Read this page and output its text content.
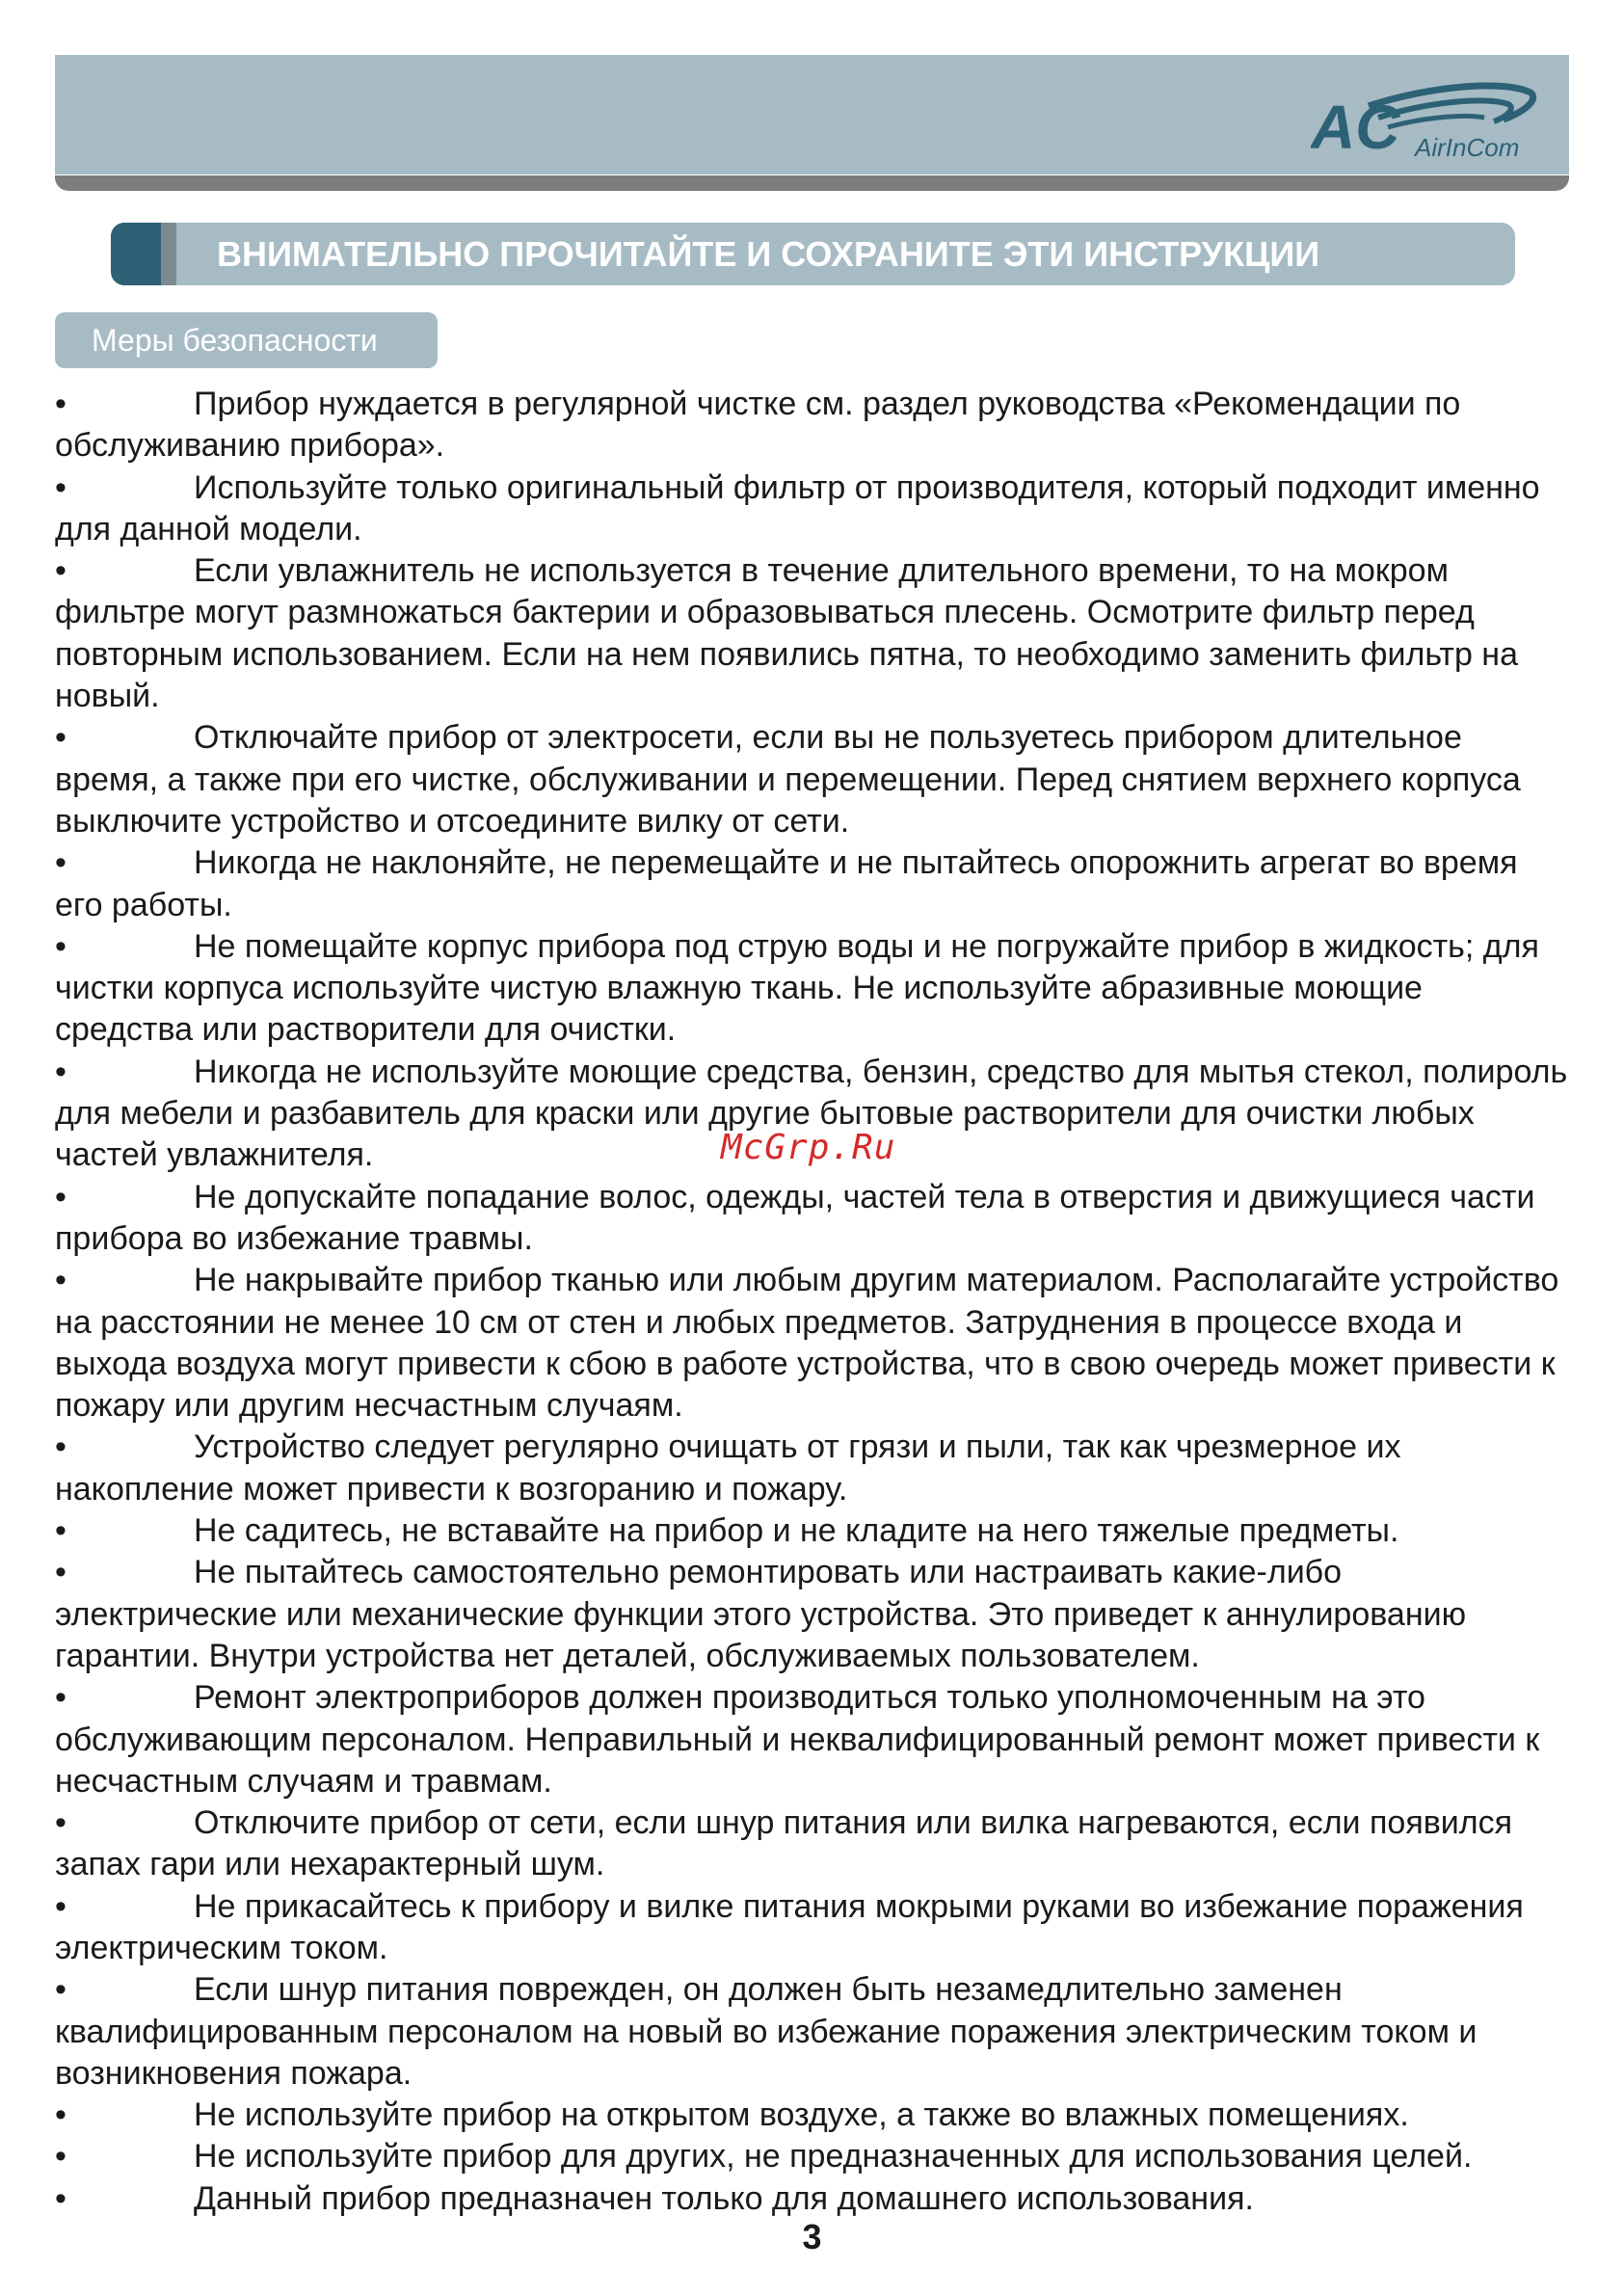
AC AirInCom
ВНИМАТЕЛЬНО ПРОЧИТАЙТЕ И СОХРАНИТЕ ЭТИ ИНСТРУКЦИИ
Меры безопасности
•	Прибор нуждается в регулярной чистке см. раздел руководства «Рекомендации по обслуживанию прибора».
•	Используйте только оригинальный фильтр от производителя, который подходит именно для данной модели.
•	Если увлажнитель не используется в течение длительного времени, то на мокром фильтре могут размножаться бактерии и образовываться плесень. Осмотрите фильтр перед повторным использованием. Если на нем появились пятна, то необходимо заменить фильтр на новый.
•	Отключайте прибор от электросети, если вы не пользуетесь прибором длительное время, а также при его чистке, обслуживании и перемещении. Перед снятием верхнего корпуса выключите устройство и отсоедините вилку от сети.
•	Никогда не наклоняйте, не перемещайте и не пытайтесь опорожнить агрегат во время его работы.
•	Не помещайте корпус прибора под струю воды и не погружайте прибор в жидкость; для чистки корпуса используйте чистую влажную ткань. Не используйте абразивные моющие средства или растворители для очистки.
•	Никогда не используйте моющие средства, бензин, средство для мытья стекол, полироль для мебели и разбавитель для краски или другие бытовые растворители для очистки любых частей увлажнителя.
•	Не допускайте попадание волос, одежды, частей тела в отверстия и движущиеся части прибора во избежание травмы.
•	Не накрывайте прибор тканью или любым другим материалом. Располагайте устройство на расстоянии не менее 10 см от стен и любых предметов. Затруднения в процессе входа и выхода воздуха могут привести к сбою в работе устройства, что в свою очередь может привести к пожару или другим несчастным случаям.
•	Устройство следует регулярно очищать от грязи и пыли, так как чрезмерное их накопление может привести к возгоранию и пожару.
•	Не садитесь, не вставайте на прибор и не кладите на него тяжелые предметы.
•	Не пытайтесь самостоятельно ремонтировать или настраивать какие-либо электрические или механические функции этого устройства. Это приведет к аннулированию гарантии. Внутри устройства нет деталей, обслуживаемых пользователем.
•	Ремонт электроприборов должен производиться только уполномоченным на это обслуживающим персоналом. Неправильный и неквалифицированный ремонт может привести к несчастным случаям и травмам.
•	Отключите прибор от сети, если шнур питания или вилка нагреваются, если появился запах гари или нехарактерный шум.
•	Не прикасайтесь к прибору и вилке питания мокрыми руками во избежание поражения электрическим током.
•	Если шнур питания поврежден, он должен быть незамедлительно заменен квалифицированным персоналом на новый во избежание поражения электрическим током и возникновения пожара.
•	Не используйте прибор на открытом воздухе, а также во влажных помещениях.
•	Не используйте прибор для других, не предназначенных для использования целей.
•	Данный прибор предназначен только для домашнего использования.
McGrp.Ru
3
